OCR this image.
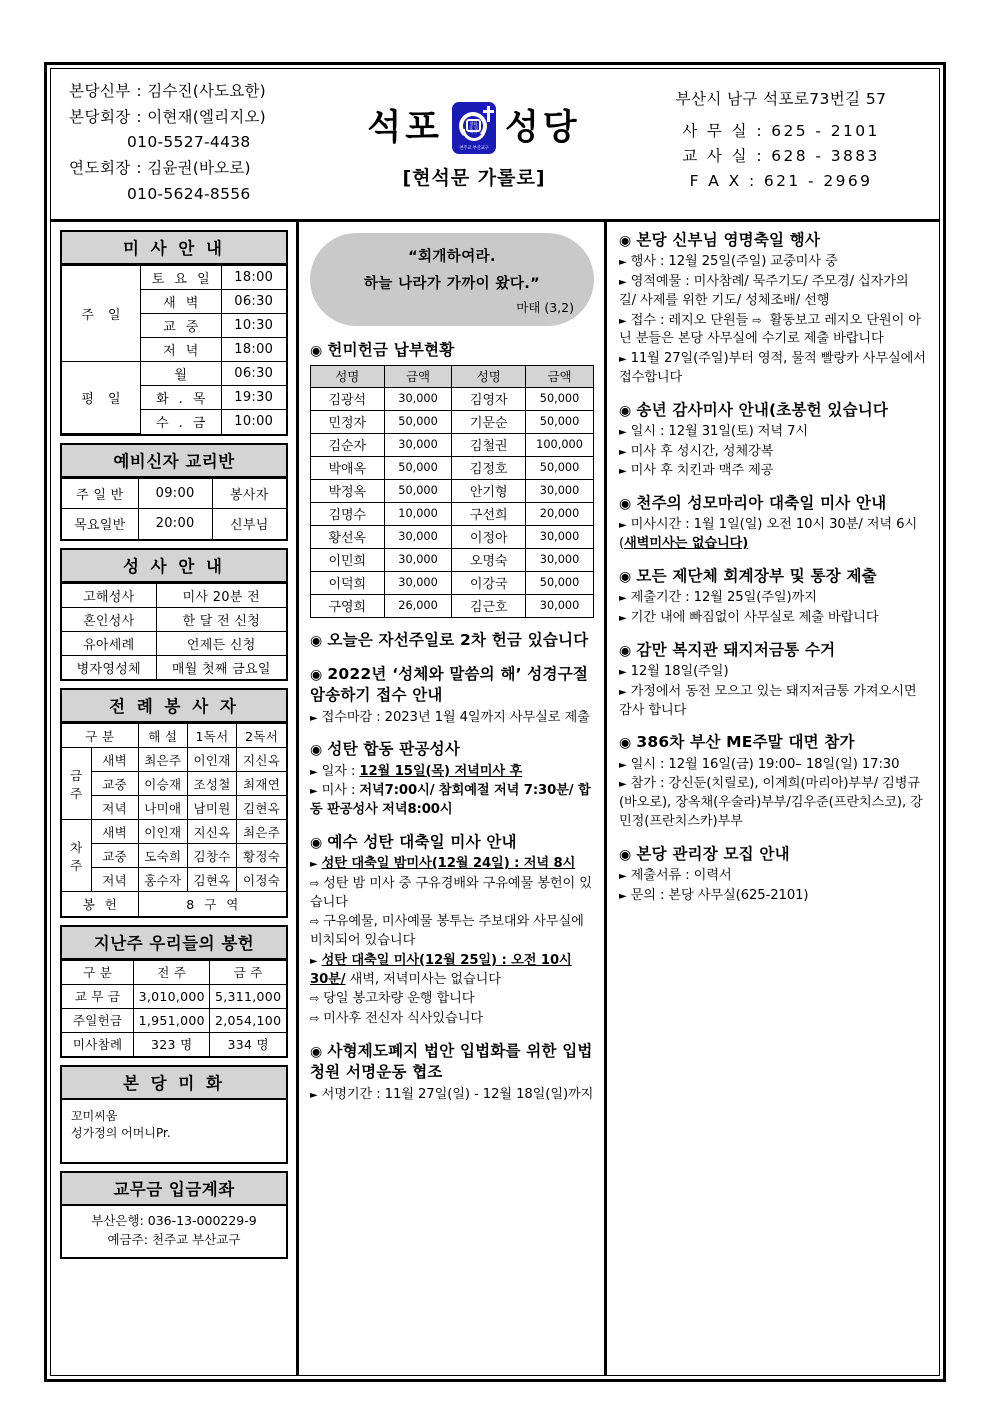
본당신부 : 김수진(사도요한)
본당회장 : 이현재(엘리지오)
010-5527-4438
연도회장 : 김윤권(바오로)
010-5624-8556
석포	평화를 빕니다
천주교 부산교구
성당
[현석문 가롤로]
부산시 남구 석포로73번길 57
사 무 실 : 625 - 2101
교 사 실 : 628 - 3883
F A X : 621 - 2969
미 사 안 내
주 일	토 요 일	18:00
	새 벽	06:30
	교 중	10:30
	저 녁	18:00
평 일	월	06:30
	화 . 목	19:30
	수 . 금	10:00
예비신자 교리반
주 일 반	09:00	봉사자
목요일반	20:00	신부님
성 사 안 내
고해성사	미사 20분 전
혼인성사	한 달 전 신청
유아세례	언제든 신청
병자영성체	매월 첫째 금요일
전 례 봉 사 자
구 분		해 설	1독서	2독서
금 주	새벽	최은주	이인재	지신옥
	교중	이승재	조성철	최재연
	저녁	나미애	남미원	김현옥
차 주	새벽	이인재	지신옥	최은주
	교중	도숙희	김창수	황정숙
	저녁	홍수자	김현옥	이정숙
봉 헌		8 구 역		
지난주 우리들의 봉헌
구 분	전 주	금 주
교 무 금	3,010,000	5,311,000
주일헌금	1,951,000	2,054,100
미사참례	323 명	334 명
본 당 미 화
꼬미씨움
성가정의 어머니Pr.
교무금 입금계좌
부산은행: 036-13-000229-9
예금주: 천주교 부산교구
“회개하여라.
하늘 나라가 가까이 왔다.”
마태 (3,2)
◉ 헌미헌금 납부현황
성명	금액	성명	금액
김광석	30,000	김영자	50,000
민정자	50,000	기문순	50,000
김순자	30,000	김철권	100,000
박애옥	50,000	김정호	50,000
박정옥	50,000	안기형	30,000
김명수	10,000	구선희	20,000
황선옥	30,000	이정아	30,000
이민희	30,000	오명숙	30,000
이덕희	30,000	이강국	50,000
구영희	26,000	김근호	30,000
◉ 오늘은 자선주일로 2차 헌금 있습니다
◉ 2022년 ‘성체와 말씀의 해’ 성경구절 암송하기 접수 안내
► 접수마감 : 2023년 1월 4일까지 사무실로 제출
◉ 성탄 합동 판공성사
► 일자 : 12월 15일(목) 저녁미사 후
► 미사 : 저녁7:00시/ 참회예절 저녁 7:30분/ 합동 판공성사 저녁8:00시
◉ 예수 성탄 대축일 미사 안내
► 성탄 대축일 밤미사(12월 24일) : 저녁 8시
⇨ 성탄 밤 미사 중 구유경배와 구유예물 봉헌이 있습니다
⇨ 구유예물, 미사예물 봉투는 주보대와 사무실에 비치되어 있습니다
► 성탄 대축일 미사(12월 25일) : 오전 10시 30분/ 새벽, 저녁미사는 없습니다
⇨ 당일 봉고차량 운행 합니다
⇨ 미사후 전신자 식사있습니다
◉ 사형제도폐지 법안 입법화를 위한 입법청원 서명운동 협조
► 서명기간 : 11월 27일(일) - 12월 18일(일)까지
◉ 본당 신부님 영명축일 행사
► 행사 : 12월 25일(주일) 교중미사 중
► 영적예물 : 미사참례/ 묵주기도/ 주모경/ 십자가의 길/ 사제를 위한 기도/ 성체조배/ 선행
► 접수 : 레지오 단원들 ⇨ 활동보고 레지오 단원이 아닌 분들은 본당 사무실에 수기로 제출 바랍니다
► 11월 27일(주일)부터 영적, 물적 빨랑카 사무실에서 접수합니다
◉ 송년 감사미사 안내(초봉헌 있습니다
► 일시 : 12월 31일(토) 저녁 7시
► 미사 후 성시간, 성체강복
► 미사 후 치킨과 맥주 제공
◉ 천주의 성모마리아 대축일 미사 안내
► 미사시간 : 1월 1일(일) 오전 10시 30분/ 저녁 6시(새벽미사는 없습니다)
◉ 모든 제단체 회계장부 및 통장 제출
► 제출기간 : 12월 25일(주일)까지
► 기간 내에 빠짐없이 사무실로 제출 바랍니다
◉ 감만 복지관 돼지저금통 수거
► 12월 18일(주일)
► 가정에서 동전 모으고 있는 돼지저금통 가져오시면 감사 합니다
◉ 386차 부산 ME주말 대면 참가
► 일시 : 12월 16일(금) 19:00– 18일(일) 17:30
► 참가 : 강신둔(치릴로), 이계희(마리아)부부/ 김병규(바오로), 장옥채(우술라)부부/김우준(프란치스코), 강민정(프란치스카)부부
◉ 본당 관리장 모집 안내
► 제출서류 : 이력서
► 문의 : 본당 사무실(625-2101)
